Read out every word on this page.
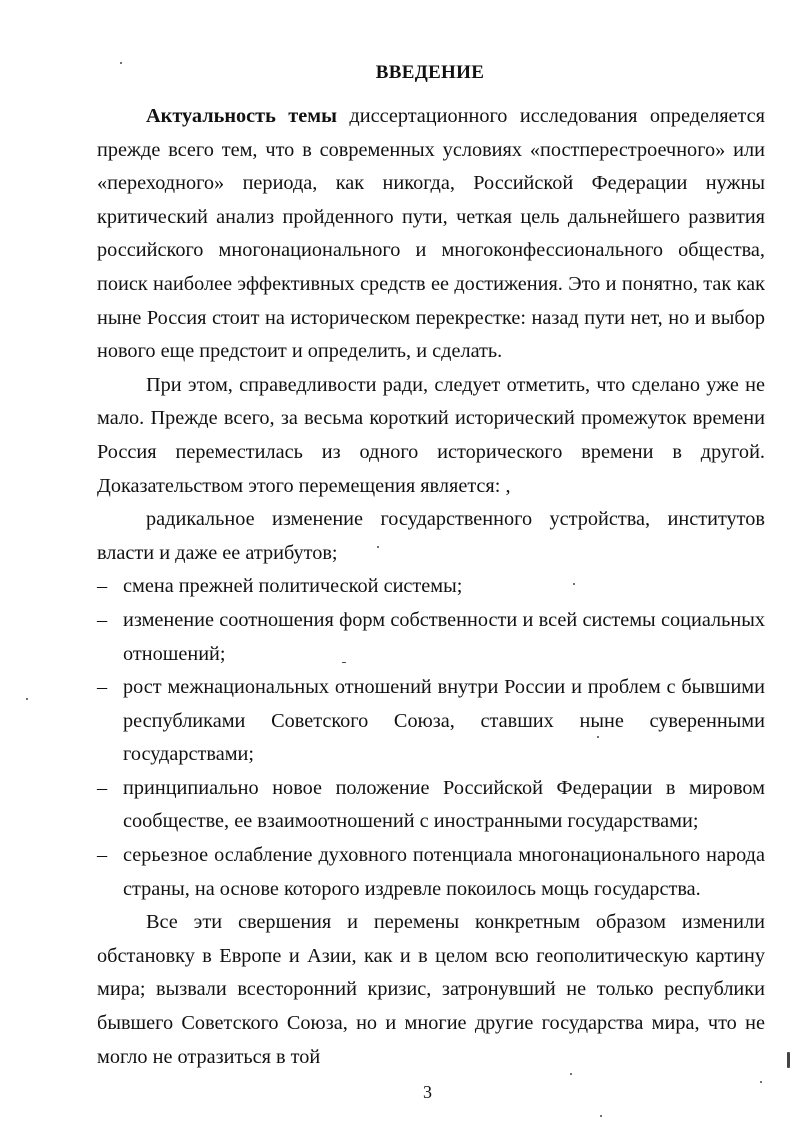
ВВЕДЕНИЕ

Актуальность темы диссертационного исследования определяется прежде всего тем, что в современных условиях «постперестроечного» или «переходного» периода, как никогда, Российской Федерации нужны критический анализ пройденного пути, четкая цель дальнейшего развития российского многонационального и многоконфессионального общества, поиск наиболее эффективных средств ее достижения. Это и понятно, так как ныне Россия стоит на историческом перекрестке: назад пути нет, но и выбор нового еще предстоит и определить, и сделать.

При этом, справедливости ради, следует отметить, что сделано уже не мало. Прежде всего, за весьма короткий исторический промежуток времени Россия переместилась из одного исторического времени в другой. Доказательством этого перемещения является: ,

радикальное изменение государственного устройства, институтов власти и даже ее атрибутов;

– смена прежней политической системы;
– изменение соотношения форм собственности и всей системы социальных отношений;
– рост межнациональных отношений внутри России и проблем с бывшими республиками Советского Союза, ставших ныне суверенными государствами;
– принципиально новое положение Российской Федерации в мировом сообществе, ее взаимоотношений с иностранными государствами;
– серьезное ослабление духовного потенциала многонационального народа страны, на основе которого издревле покоилось мощь государства.

Все эти свершения и перемены конкретным образом изменили обстановку в Европе и Азии, как и в целом всю геополитическую картину мира; вызвали всесторонний кризис, затронувший не только республики бывшего Советского Союза, но и многие другие государства мира, что не могло не отразиться в той

3
